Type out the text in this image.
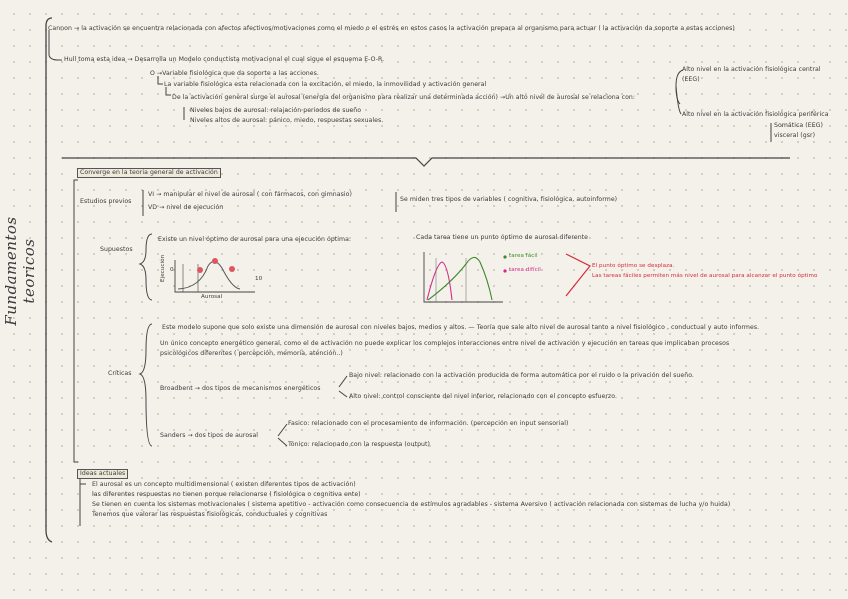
Fundamentos teoricos
Cannon → la activación se encuentra relacionada con afectos afectivos/motivaciones como el miedo o el estrés en estos casos la activación prepara al organismo para actuar ( la activación da soporte a estas acciones)
Hull toma esta idea → Desarrolla un Modelo conductista motivacional el cual sigue el esquema E-O-R.
O →Variable fisiológica que da soporte a las acciones.
La variable fisiológica esta relacionada con la excitación, el miedo, la inmovilidad y activación general
De la activación general surge el aurosal (energía del organismo para realizar una determinada acción) →Un alto nivel de aurosal se relaciona con:
Niveles bajos de aurosal: relajación periodos de sueño
Niveles altos de aurosal: pánico, miedo, respuestas sexuales.
Alto nivel en la activación fisiológica central
(EEG)
Alto nivel en la activación fisiológica periférica
Somática (EEG)
visceral (gsr)
Converge en la teoria general de activación
Estudios previos
VI → manipular el nivel de aurosal ( con fármacos, con gimnasio)
VD → nivel de ejecución
Se miden tres tipos de variables ( cognitiva, fisiológica, autoinforme)
Supuestos
Existe un nivel óptimo de aurosal para una ejecución óptima.	Cada tarea tiene un punto óptimo de aurosal diferente
Ejecución
Aurosal
0
10
tarea fácil
tarea difícil
El punto óptimo se desplaza.
Las tareas fáciles permiten más nivel de aurosal para alcanzar el punto óptimo
Críticas
Este modelo supone que solo existe una dimensión de aurosal con niveles bajos, medios y altos. — Teoría que sale alto nivel de aurosal tanto a nivel fisiológico , conductual y auto informes.
Un único concepto energético general, como el de activación no puede explicar los complejos interacciones entre nivel de activación y ejecución en tareas que implicaban procesos
psicológicos diferentes ( percepción, memoria, atención..)
Broadbent → dos tipos de mecanismos energéticos
Bajo nivel: relacionado con la activación producida de forma automática por el ruido o la privación del sueño.
Alto nivel: control consciente del nivel inferior, relacionado con el concepto esfuerzo.
Sanders → dos tipos de aurosal
Fasico: relacionado con el procesamiento de información. (percepción en input sensorial)
Tónico: relacionado con la respuesta (output)
Ideas actuales
El aurosal es un concepto multidimensional ( existen diferentes tipos de activación)
las diferentes respuestas no tienen porque relacionarse ( fisiológica o cognitiva ente)
Se tienen en cuenta los sistemas motivacionales ( sistema apetitivo - activación como consecuencia de estímulos agradables - sistema Aversivo ( activación relacionada con sistemas de lucha y/o huida)
Tenemos que valorar las respuestas fisiológicas, conductuales y cognitivas
